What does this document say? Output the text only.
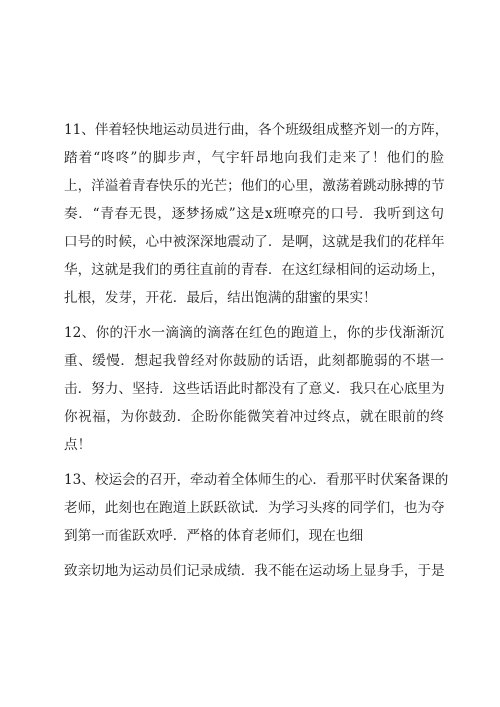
11、伴着轻快地运动员进行曲，各个班级组成整齐划一的方阵，
踏着“咚咚”的脚步声，气宇轩昂地向我们走来了！他们的脸
上，洋溢着青春快乐的光芒；他们的心里，激荡着跳动脉搏的节
奏．“青春无畏，逐梦扬威”这是x班嘹亮的口号．我听到这句
口号的时候，心中被深深地震动了．是啊，这就是我们的花样年
华，这就是我们的勇往直前的青春．在这红绿相间的运动场上，
扎根，发芽，开花．最后，结出饱满的甜蜜的果实！
12、你的汗水一滴滴的滴落在红色的跑道上，你的步伐渐渐沉
重、缓慢．想起我曾经对你鼓励的话语，此刻都脆弱的不堪一
击．努力、坚持．这些话语此时都没有了意义．我只在心底里为
你祝福，为你鼓劲．企盼你能微笑着冲过终点，就在眼前的终
点！
13、校运会的召开，牵动着全体师生的心．看那平时伏案备课的
老师，此刻也在跑道上跃跃欲试．为学习头疼的同学们，也为夺
到第一而雀跃欢呼．严格的体育老师们，现在也细
致亲切地为运动员们记录成绩．我不能在运动场上显身手，于是
